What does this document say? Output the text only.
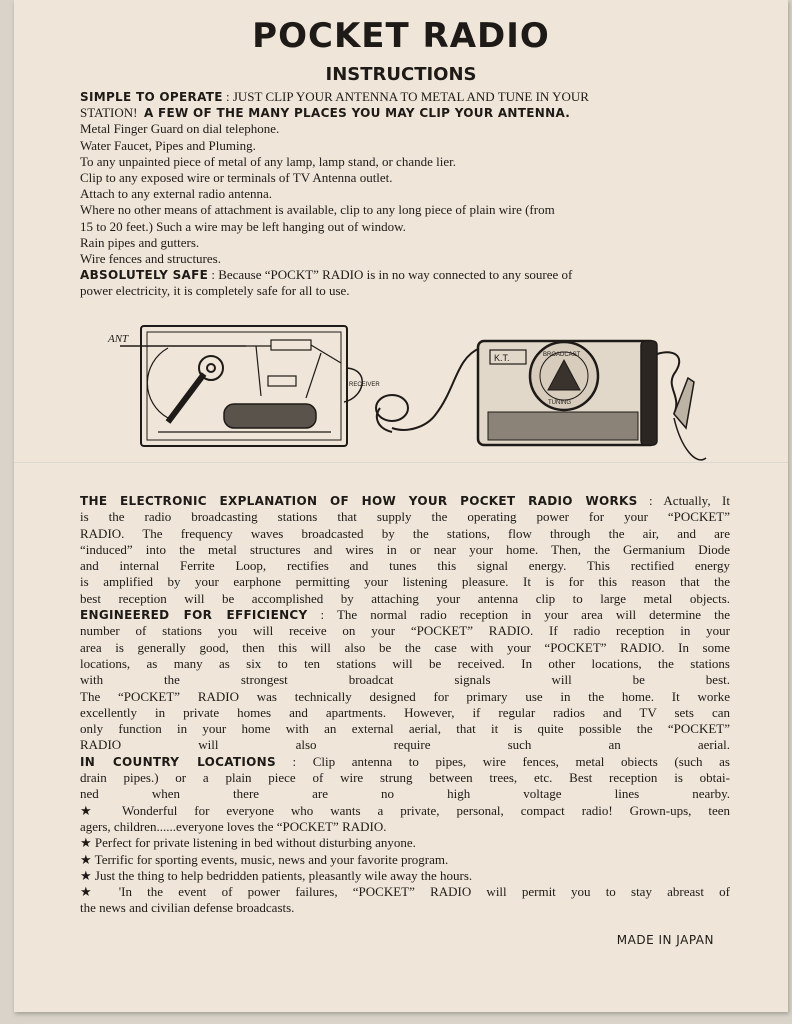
POCKET RADIO
INSTRUCTIONS
SIMPLE TO OPERATE : JUST CLIP YOUR ANTENNA TO METAL AND TUNE IN YOUR
STATION! A FEW OF THE MANY PLACES YOU MAY CLIP YOUR ANTENNA.
Metal Finger Guard on dial telephone.
Water Faucet, Pipes and Pluming.
To any unpainted piece of metal of any lamp, lamp stand, or chande lier.
Clip to any exposed wire or terminals of TV Antenna outlet.
Attach to any external radio antenna.
Where no other means of attachment is available, clip to any long piece of plain wire (from
15 to 20 feet.) Such a wire may be left hanging out of window.
Rain pipes and gutters.
Wire fences and structures.
ABSOLUTELY SAFE : Because “POCKT” RADIO is in no way connected to any souree of
power electricity, it is completely safe for all to use.
ANT
RECEIVER
K.T.	BROADCAST
TUNING
THE ELECTRONIC EXPLANATION OF HOW YOUR POCKET RADIO WORKS : Actually, It
is the radio broadcasting stations that supply the operating power for your “POCKET”
RADIO. The frequency waves broadcasted by the stations, flow through the air, and are
“induced” into the metal structures and wires in or near your home. Then, the Germanium Diode
and internal Ferrite Loop, rectifies and tunes this signal energy. This rectified energy
is amplified by your earphone permitting your listening pleasure. It is for this reason that the
best reception will be accomplished by attaching your antenna clip to large metal objects.
ENGINEERED FOR EFFICIENCY : The normal radio reception in your area will determine the
number of stations you will receive on your “POCKET” RADIO. If radio reception in your
area is generally good, then this will also be the case with your “POCKET” RADIO. In some
locations, as many as six to ten stations will be received. In other locations, the stations
with the strongest broadcat signals will be best.
The “POCKET” RADIO was technically designed for primary use in the home. It worke
excellently in private homes and apartments. However, if regular radios and TV sets can
only function in your home with an external aerial, that it is quite possible the “POCKET”
RADIO will also require such an aerial.
IN COUNTRY LOCATIONS : Clip antenna to pipes, wire fences, metal obiects (such as
drain pipes.) or a plain piece of wire strung between trees, etc. Best reception is obtai-
ned when there are no high voltage lines nearby.
★ Wonderful for everyone who wants a private, personal, compact radio! Grown-ups, teen
agers, children......everyone loves the “POCKET” RADIO.
★ Perfect for private listening in bed without disturbing anyone.
★ Terrific for sporting events, music, news and your favorite program.
★ Just the thing to help bedridden patients, pleasantly wile away the hours.
★ 'In the event of power failures, “POCKET” RADIO will permit you to stay abreast of
the news and civilian defense broadcasts.
MADE IN JAPAN
